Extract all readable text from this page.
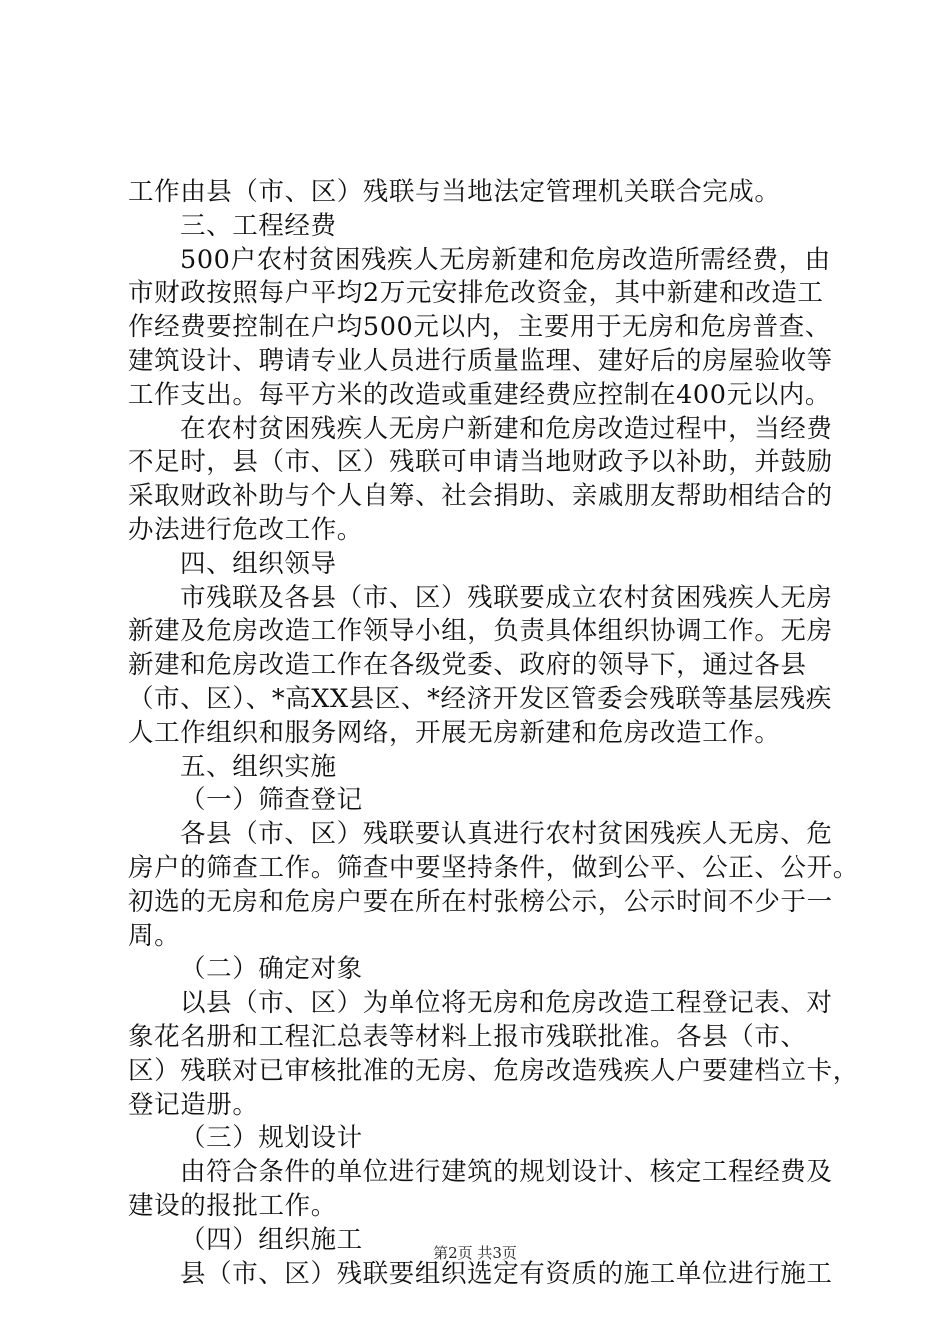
工作由县（市、区）残联与当地法定管理机关联合完成。
三、工程经费
500户农村贫困残疾人无房新建和危房改造所需经费，由
市财政按照每户平均2万元安排危改资金，其中新建和改造工
作经费要控制在户均500元以内，主要用于无房和危房普查、
建筑设计、聘请专业人员进行质量监理、建好后的房屋验收等
工作支出。每平方米的改造或重建经费应控制在400元以内。
在农村贫困残疾人无房户新建和危房改造过程中，当经费
不足时，县（市、区）残联可申请当地财政予以补助，并鼓励
采取财政补助与个人自筹、社会捐助、亲戚朋友帮助相结合的
办法进行危改工作。
四、组织领导
市残联及各县（市、区）残联要成立农村贫困残疾人无房
新建及危房改造工作领导小组，负责具体组织协调工作。无房
新建和危房改造工作在各级党委、政府的领导下，通过各县
（市、区）、*高XX县区、*经济开发区管委会残联等基层残疾
人工作组织和服务网络，开展无房新建和危房改造工作。
五、组织实施
（一）筛查登记
各县（市、区）残联要认真进行农村贫困残疾人无房、危
房户的筛查工作。筛查中要坚持条件，做到公平、公正、公开。
初选的无房和危房户要在所在村张榜公示，公示时间不少于一
周。
（二）确定对象
以县（市、区）为单位将无房和危房改造工程登记表、对
象花名册和工程汇总表等材料上报市残联批准。各县（市、
区）残联对已审核批准的无房、危房改造残疾人户要建档立卡，
登记造册。
（三）规划设计
由符合条件的单位进行建筑的规划设计、核定工程经费及
建设的报批工作。
（四）组织施工
县（市、区）残联要组织选定有资质的施工单位进行施工
第2页 共3页
